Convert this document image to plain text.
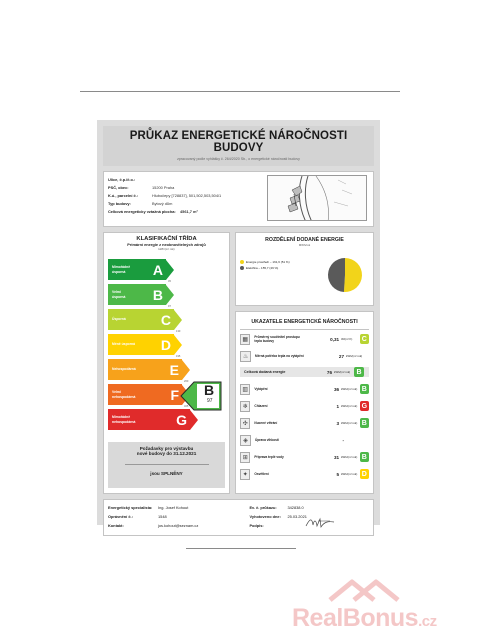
PRŮKAZ ENERGETICKÉ NÁROČNOSTI BUDOVY
zpracovaný podle vyhlášky č. 264/2020 Sb., o energetické náročnosti budovy
Ulice, č.p./č.o.:
PSČ, obec:	15200 Praha
K.ú., parcelní č.:	Hlubočepy [728837], 501,502,503,504/1
Typ budovy:	Bytový dům
Celková energeticky vztažná plocha:	4561,7 m²
KLASIFIKAČNÍ TŘÍDA
Primární energie z neobnovitelných zdrojů
kWh/(m² rok)
Mimořádně
úsporná	A
45
Velmi
úsporná B
97
Úsporná	C
130
Méně úsporná D
195
Nehospodárná E
260
Velmi
nehospodárná	F
325
Mimořádně
nehospodárná	G
B
97
Požadavky pro výstavbu
nové budovy do 31.12.2021
jsou SPLNĚNY
ROZDĚLENÍ DODANÉ ENERGIE
MWh/rok
Energie prostředí – 161,6 (51 %)
Elektřina – 155,7 (49 %)
UKAZATELE ENERGETICKÉ NÁROČNOSTI
▦	Průměrný součinitel prostupu tepla budovy	0,31 W/(m² K)	C
♨	Měrná potřeba tepla na vytápění	27 kWh/(m² rok)
▥	Vytápění	36 kWh/(m² rok) B
❄	Chlazení	1 kWh/(m² rok) G
✣	Nucené větrání	3 kWh/(m² rok) B
◈	Úprava vlhkosti	-
⊞	Příprava teplé vody	31 kWh/(m² rok) B
✦	Osvětlení	5 kWh/(m² rok) D
Celková dodaná energie	76 kWh/(m² rok) B
Energetický specialista:	Ing. Josef Kohout
Oprávnění č.:	1548
Kontakt:	jos.kohout@seznam.cz
Ev. č. průkazu:	342838.0
Vyhotoveno dne:	25.03.2021
Podpis:
RealBonus.cz
